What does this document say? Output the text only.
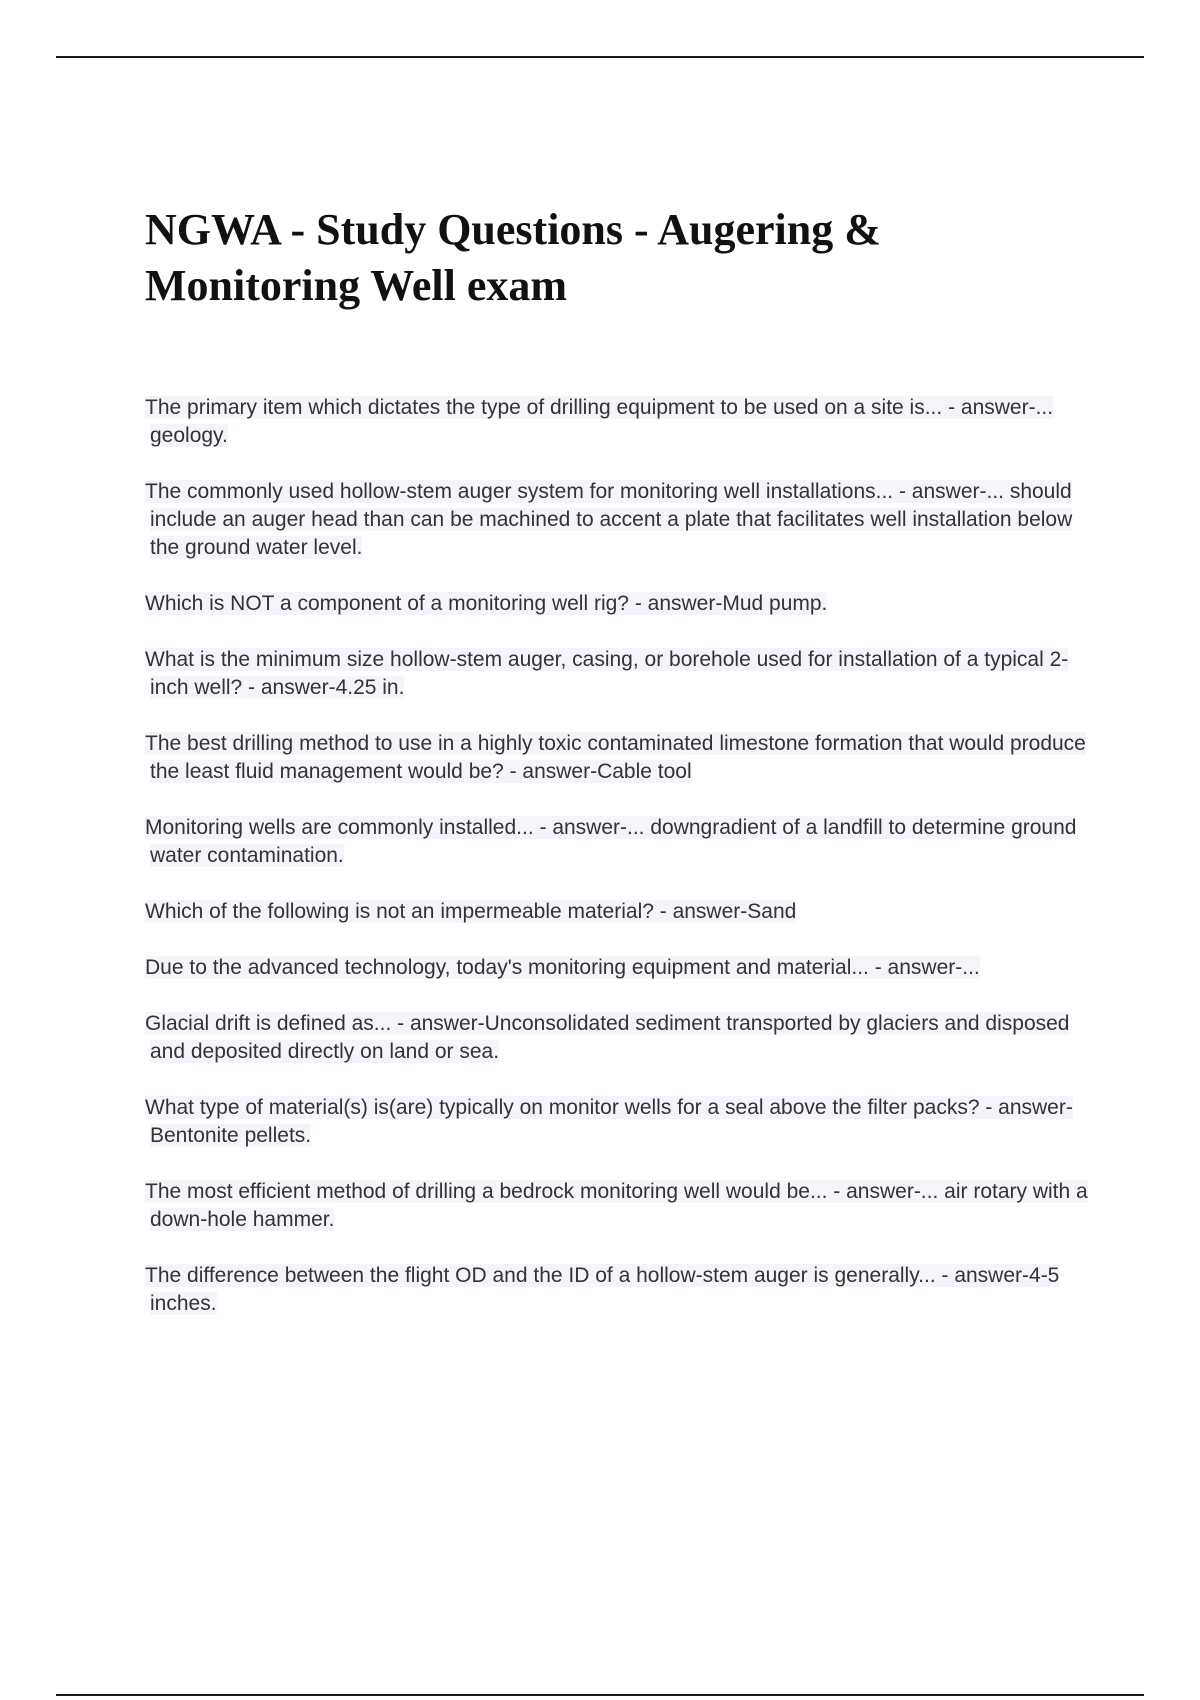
NGWA - Study Questions - Augering & Monitoring Well exam

The primary item which dictates the type of drilling equipment to be used on a site is... - answer-... geology.

The commonly used hollow-stem auger system for monitoring well installations... - answer-... should include an auger head than can be machined to accent a plate that facilitates well installation below the ground water level.

Which is NOT a component of a monitoring well rig? - answer-Mud pump.

What is the minimum size hollow-stem auger, casing, or borehole used for installation of a typical 2-inch well? - answer-4.25 in.

The best drilling method to use in a highly toxic contaminated limestone formation that would produce the least fluid management would be? - answer-Cable tool

Monitoring wells are commonly installed... - answer-... downgradient of a landfill to determine ground water contamination.

Which of the following is not an impermeable material? - answer-Sand

Due to the advanced technology, today's monitoring equipment and material... - answer-...

Glacial drift is defined as... - answer-Unconsolidated sediment transported by glaciers and disposed and deposited directly on land or sea.

What type of material(s) is(are) typically on monitor wells for a seal above the filter packs? - answer-Bentonite pellets.

The most efficient method of drilling a bedrock monitoring well would be... - answer-... air rotary with a down-hole hammer.

The difference between the flight OD and the ID of a hollow-stem auger is generally... - answer-4-5 inches.
